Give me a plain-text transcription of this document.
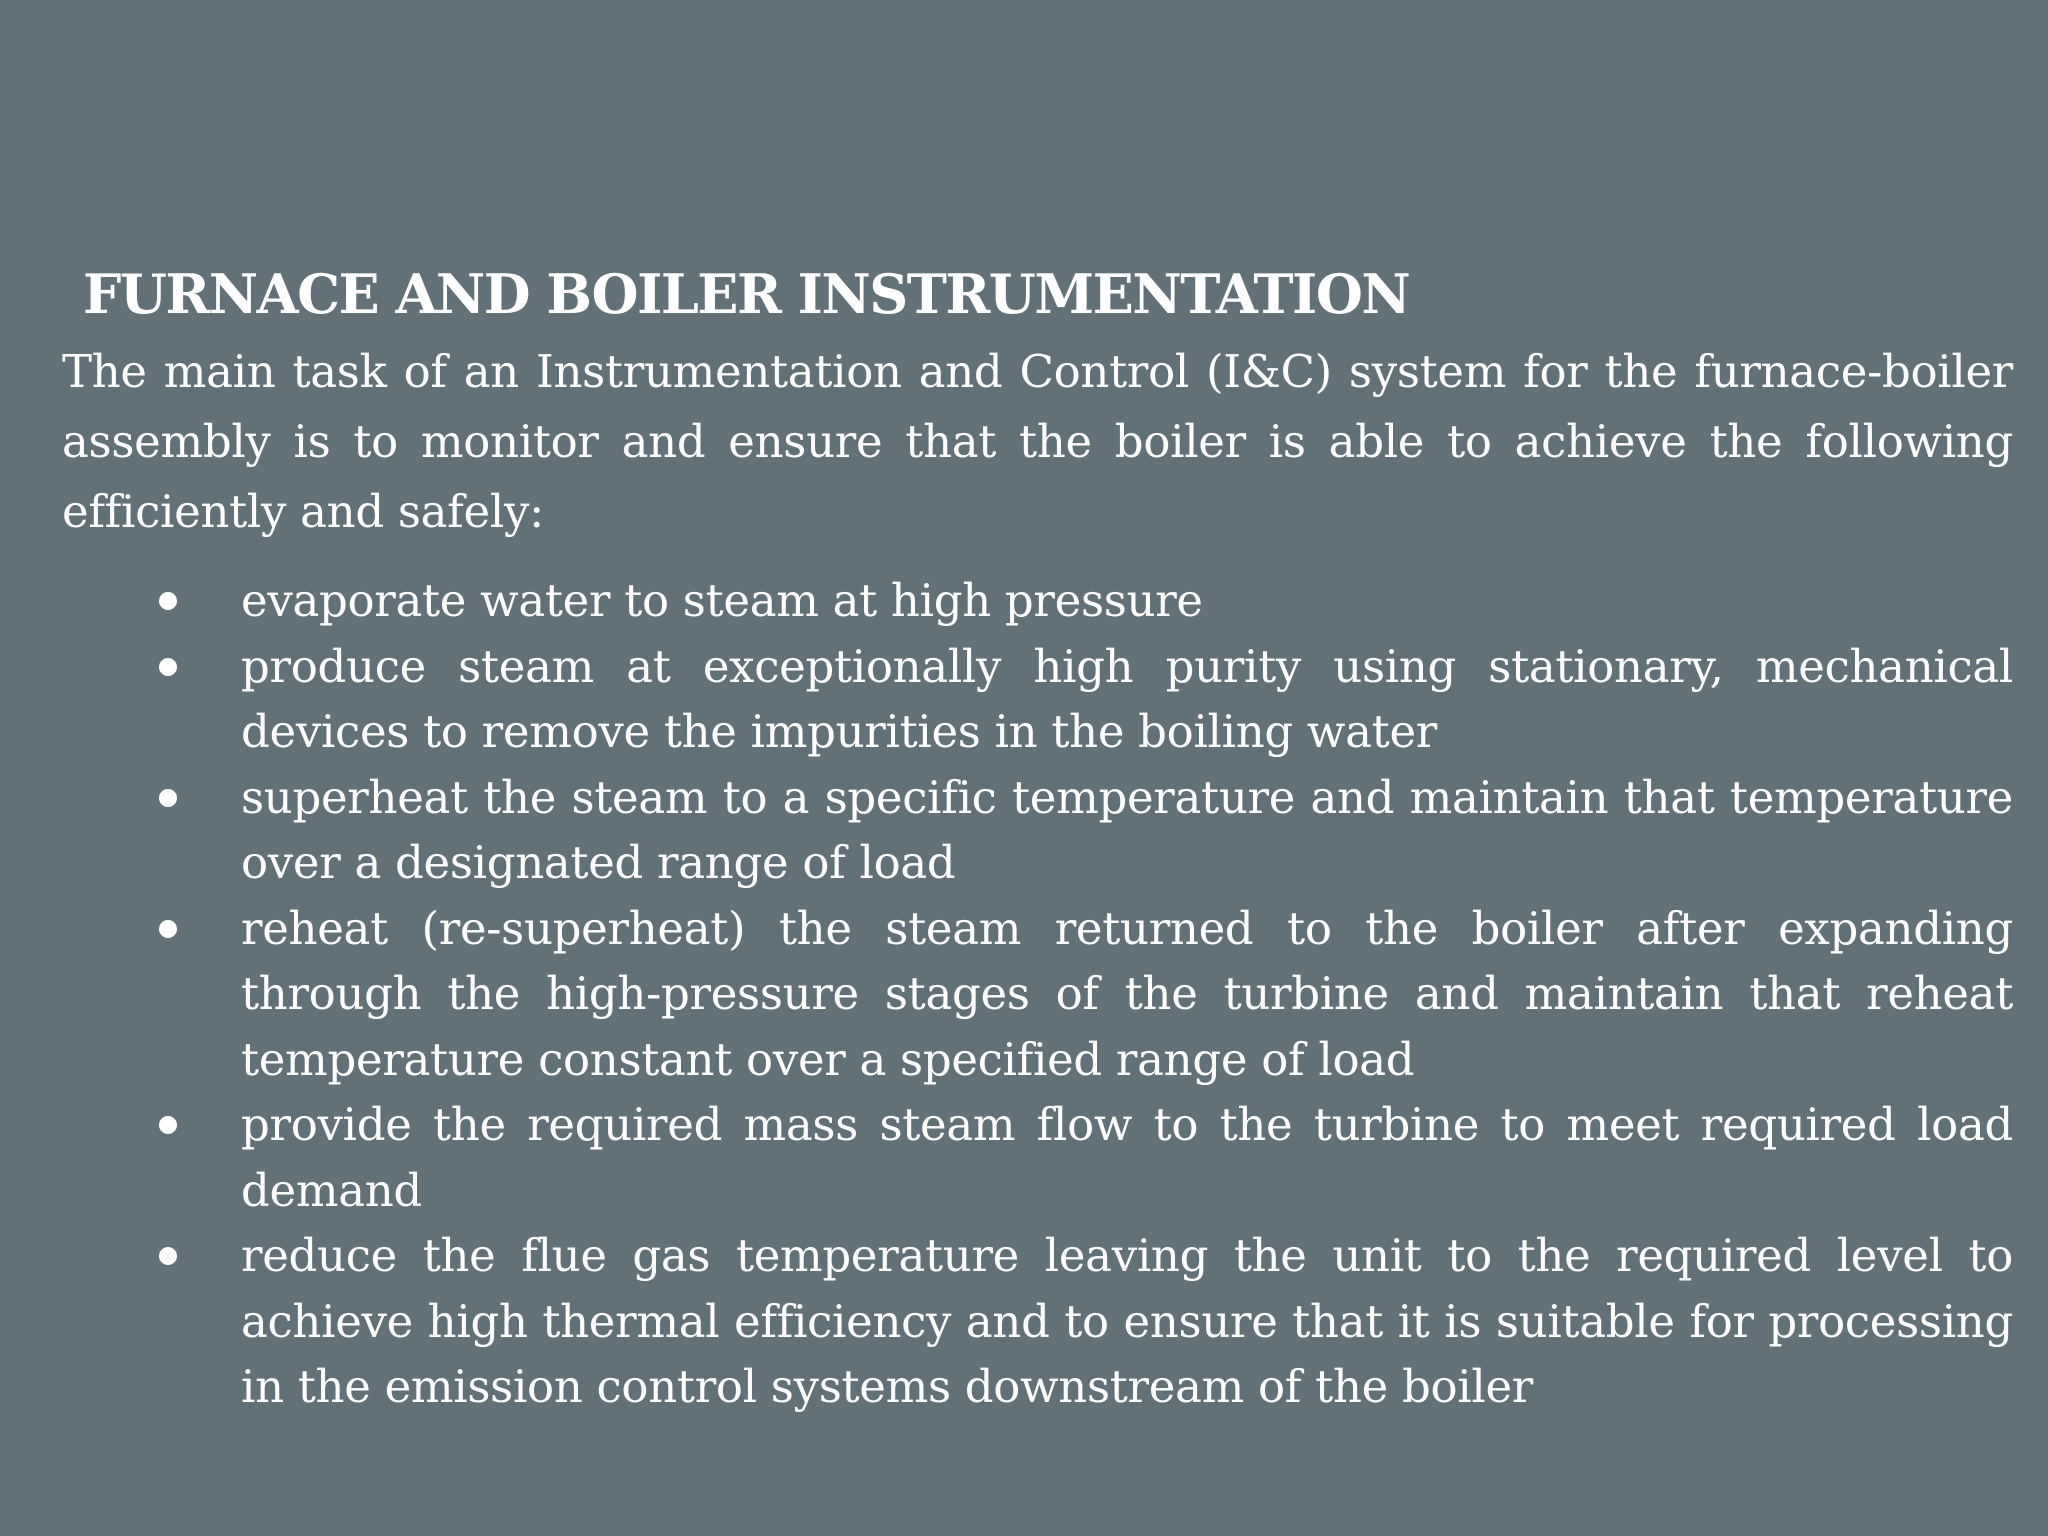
FURNACE AND BOILER INSTRUMENTATION

The main task of an Instrumentation and Control (I&C) system for the furnace-boiler assembly is to monitor and ensure that the boiler is able to achieve the following efficiently and safely:

evaporate water to steam at high pressure
produce steam at exceptionally high purity using stationary, mechanical devices to remove the impurities in the boiling water
superheat the steam to a specific temperature and maintain that temperature over a designated range of load
reheat (re-superheat) the steam returned to the boiler after expanding through the high-pressure stages of the turbine and maintain that reheat temperature constant over a specified range of load
provide the required mass steam flow to the turbine to meet required load demand
reduce the flue gas temperature leaving the unit to the required level to achieve high thermal efficiency and to ensure that it is suitable for processing in the emission control systems downstream of the boiler
